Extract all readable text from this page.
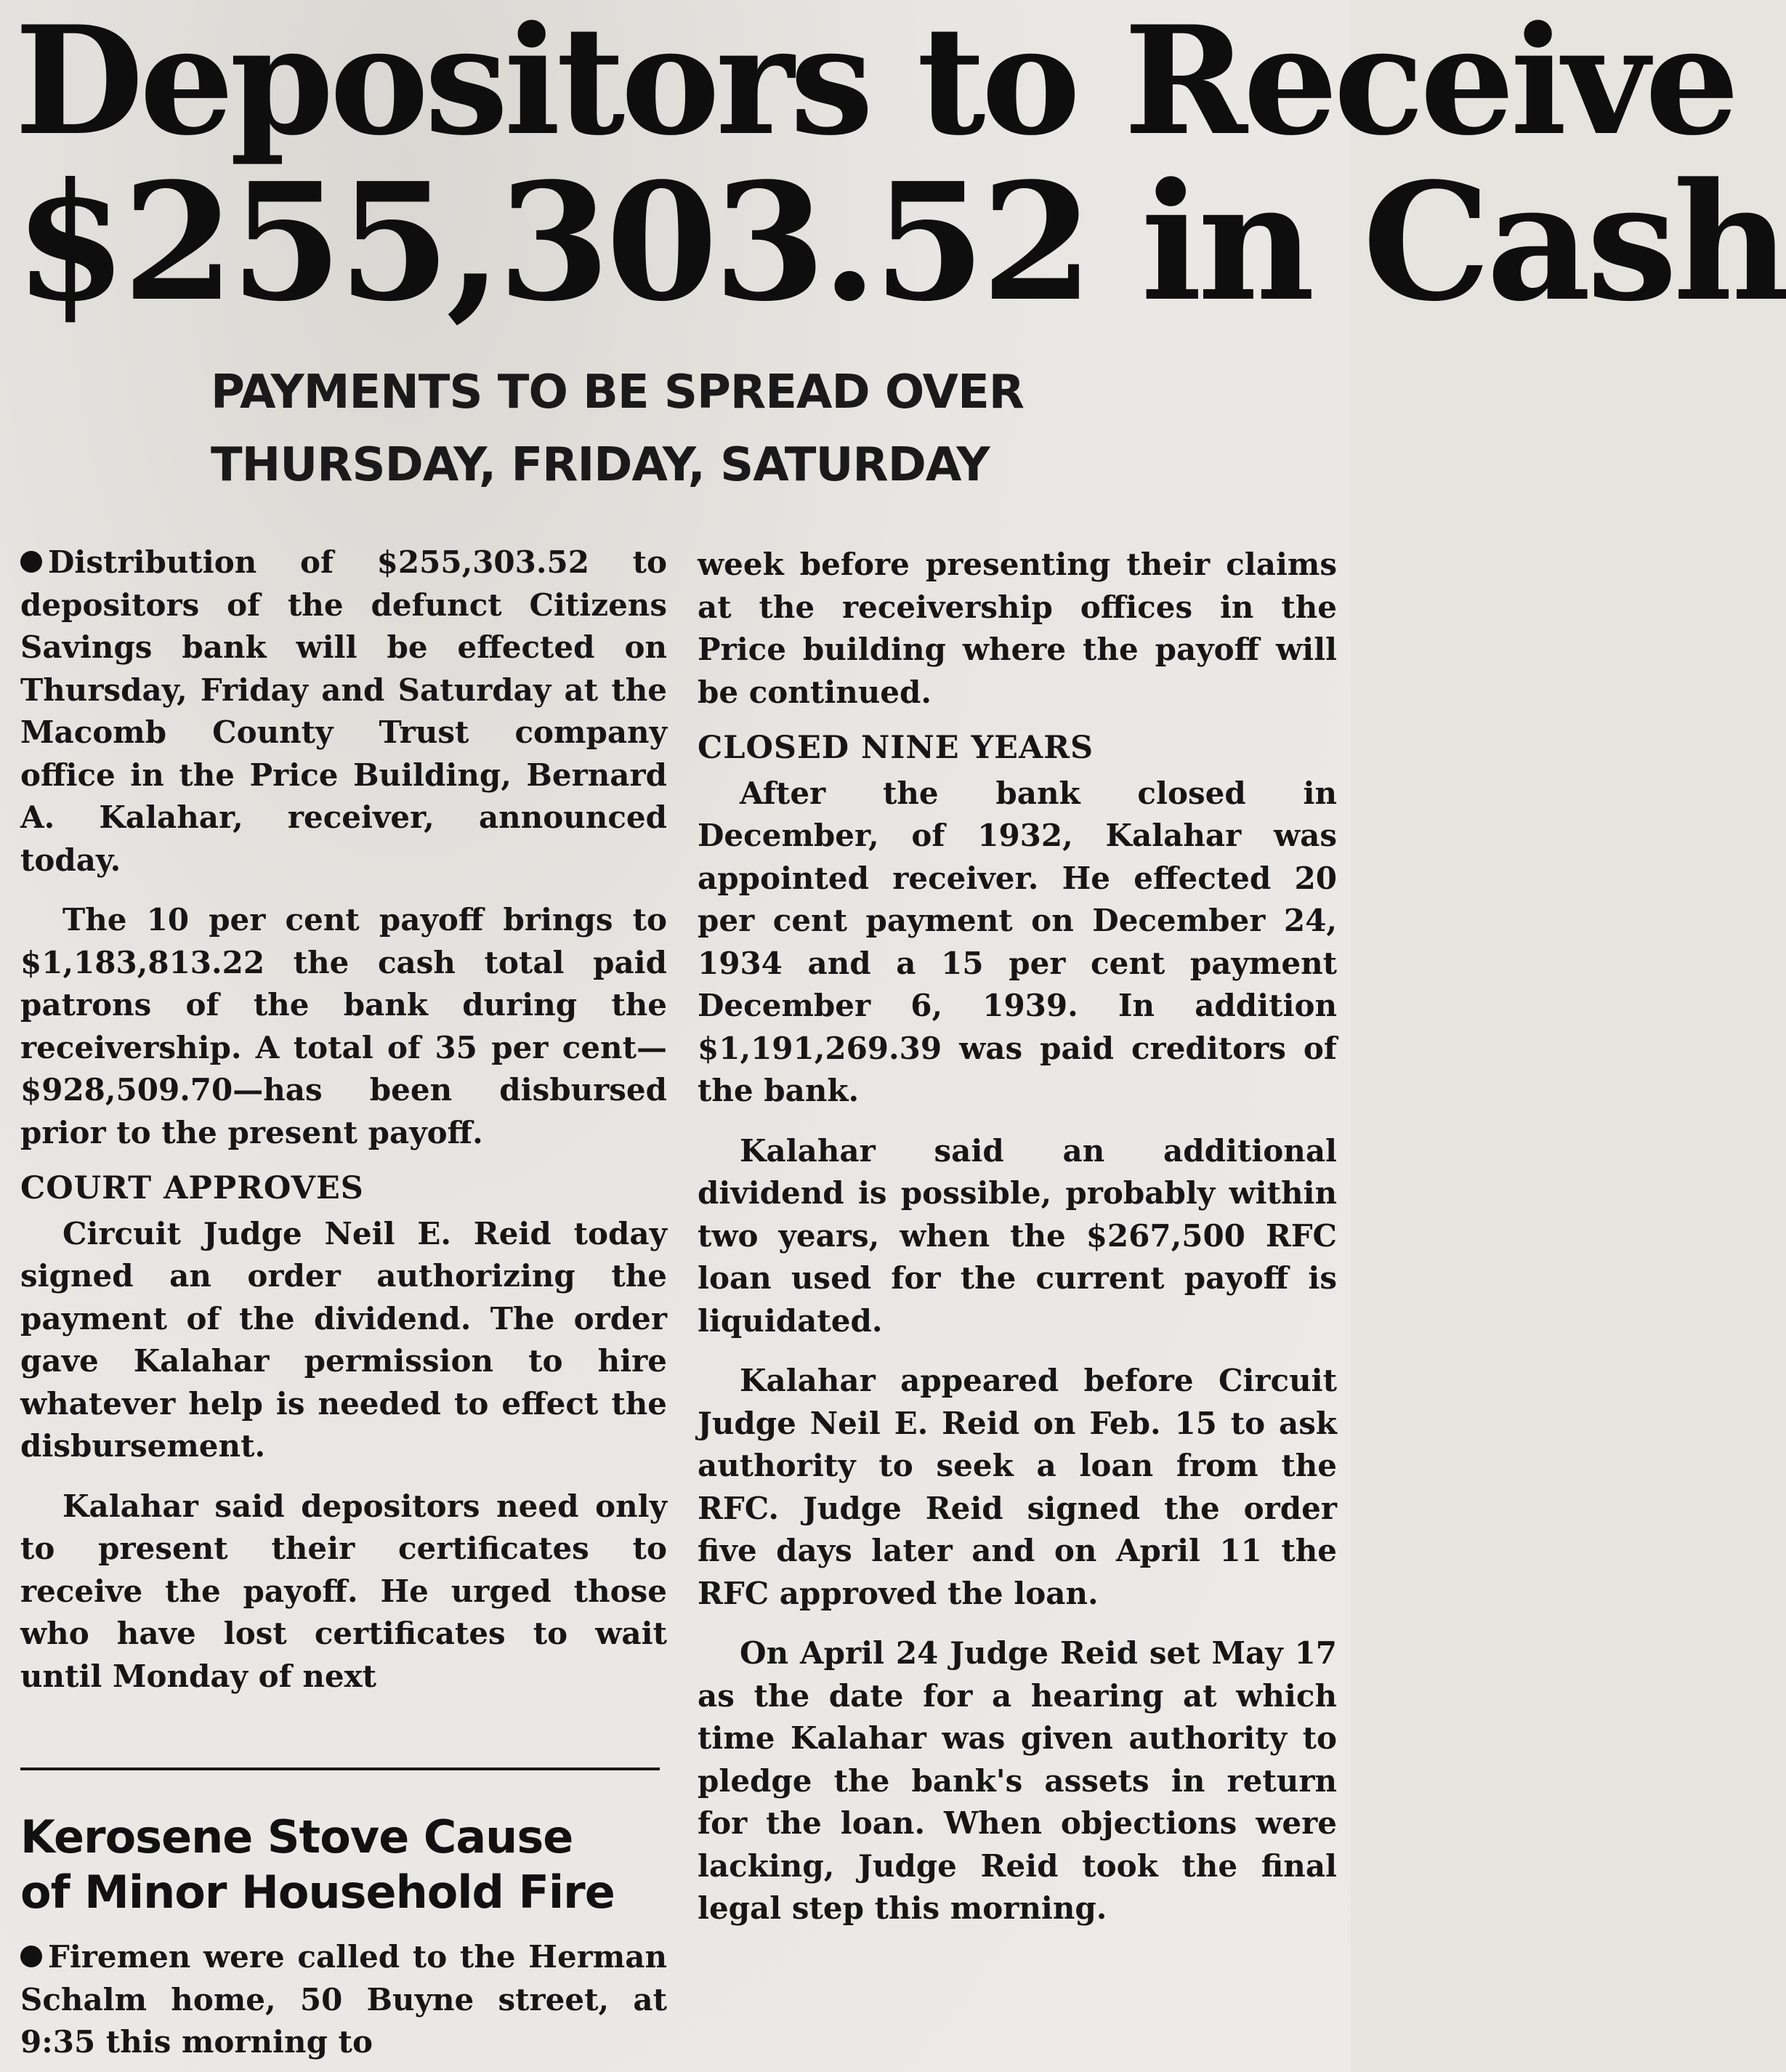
Depositors to Receive
$255,303.52 in Cash
PAYMENTS TO BE SPREAD OVER
THURSDAY, FRIDAY, SATURDAY

Distribution of $255,303.52 to depositors of the defunct Citizens Savings bank will be effected on Thursday, Friday and Saturday at the Macomb County Trust company office in the Price Building, Bernard A. Kalahar, receiver, announced today.

The 10 per cent payoff brings to $1,183,813.22 the cash total paid patrons of the bank during the receivership. A total of 35 per cent—$928,509.70—has been disbursed prior to the present payoff.

COURT APPROVES

Circuit Judge Neil E. Reid today signed an order authorizing the payment of the dividend. The order gave Kalahar permission to hire whatever help is needed to effect the disbursement.

Kalahar said depositors need only to present their certificates to receive the payoff. He urged those who have lost certificates to wait until Monday of next

week before presenting their claims at the receivership offices in the Price building where the payoff will be continued.

CLOSED NINE YEARS

After the bank closed in December, of 1932, Kalahar was appointed receiver. He effected 20 per cent payment on December 24, 1934 and a 15 per cent payment December 6, 1939. In addition $1,191,269.39 was paid creditors of the bank.

Kalahar said an additional dividend is possible, probably within two years, when the $267,500 RFC loan used for the current payoff is liquidated.

Kalahar appeared before Circuit Judge Neil E. Reid on Feb. 15 to ask authority to seek a loan from the RFC. Judge Reid signed the order five days later and on April 11 the RFC approved the loan.

On April 24 Judge Reid set May 17 as the date for a hearing at which time Kalahar was given authority to pledge the bank's assets in return for the loan. When objections were lacking, Judge Reid took the final legal step this morning.

Kerosene Stove Cause
of Minor Household Fire
Firemen were called to the Herman Schalm home, 50 Buyne street, at 9:35 this morning to
